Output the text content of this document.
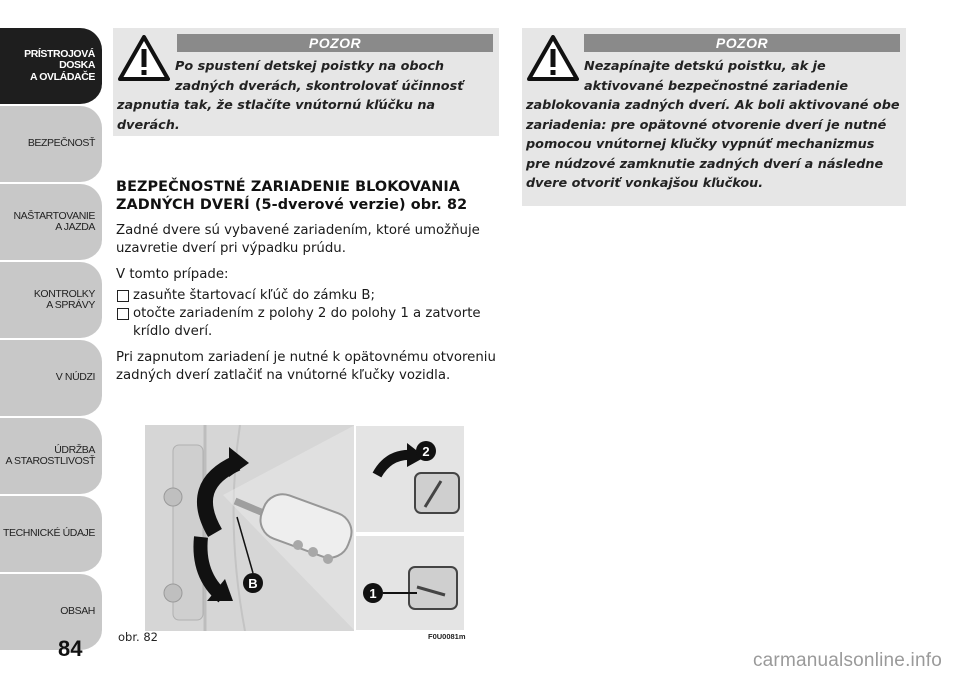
PRÍSTROJOVÁ
DOSKA
A OVLÁDAČE
BEZPEČNOSŤ
NAŠTARTOVANIE
A JAZDA
KONTROLKY
A SPRÁVY
V NÚDZI
ÚDRŽBA
A STAROSTLIVOSŤ
TECHNICKÉ ÚDAJE
OBSAH
84
POZOR
Po spustení detskej poistky na oboch zadných dverách, skontrolovať účinnosť zapnutia tak, že stlačíte vnútornú kľúčku na dverách.
POZOR
Nezapínajte detskú poistku, ak je aktivované bezpečnostné zariadenie zablokovania zadných dverí. Ak boli aktivované obe zariadenia: pre opätovné otvorenie dverí je nutné pomocou vnútornej kľučky vypnúť mechanizmus pre núdzové zamknutie zadných dverí a následne dvere otvoriť vonkajšou kľučkou.
BEZPEČNOSTNÉ ZARIADENIE BLOKOVANIA ZADNÝCH DVERÍ (5-dverové verzie) obr. 82

Zadné dvere sú vybavené zariadením, ktoré umožňuje uzavretie dverí pri výpadku prúdu.

V tomto prípade:

zasuňte štartovací kľúč do zámku B;
otočte zariadením z polohy 2 do polohy 1 a zatvorte krídlo dverí.

Pri zapnutom zariadení je nutné k opätovnému otvoreniu zadných dverí zatlačiť na vnútorné kľučky vozidla.

2
1
B
obr. 82	F0U0081m
carmanualsonline.info
